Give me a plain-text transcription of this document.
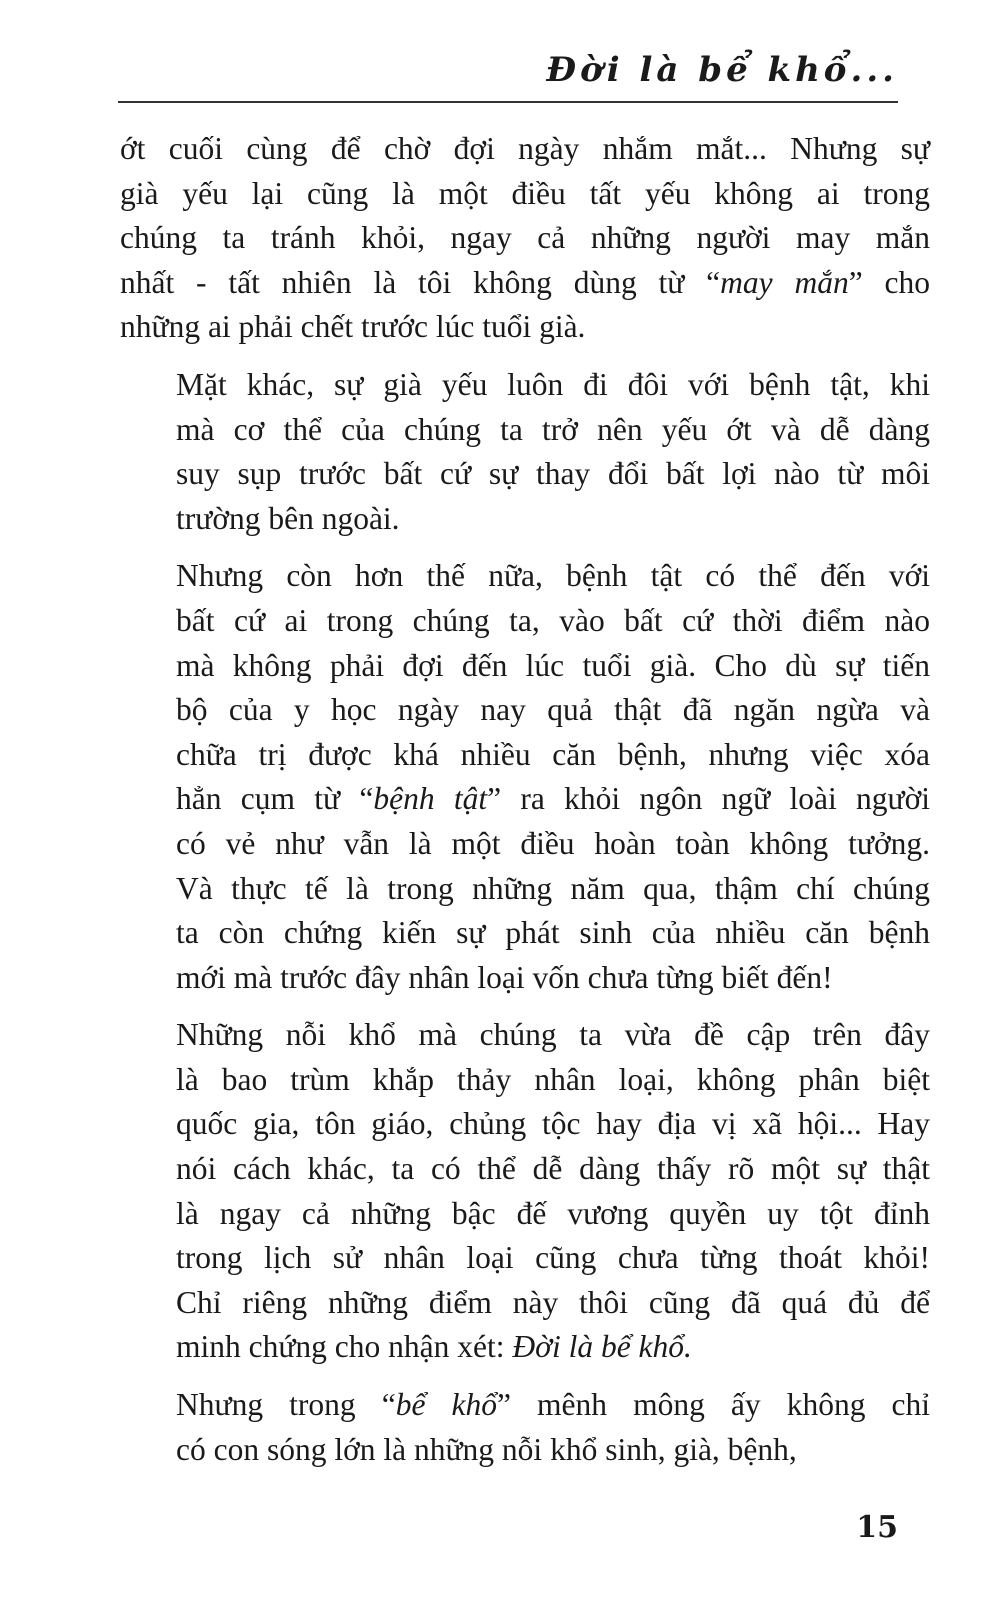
Đời là bể khổ...

ớt cuối cùng để chờ đợi ngày nhắm mắt... Nhưng sự
già yếu lại cũng là một điều tất yếu không ai trong
chúng ta tránh khỏi, ngay cả những người may mắn
nhất - tất nhiên là tôi không dùng từ “may mắn” cho
những ai phải chết trước lúc tuổi già.

Mặt khác, sự già yếu luôn đi đôi với bệnh tật, khi
mà cơ thể của chúng ta trở nên yếu ớt và dễ dàng
suy sụp trước bất cứ sự thay đổi bất lợi nào từ môi
trường bên ngoài.

Nhưng còn hơn thế nữa, bệnh tật có thể đến với
bất cứ ai trong chúng ta, vào bất cứ thời điểm nào
mà không phải đợi đến lúc tuổi già. Cho dù sự tiến
bộ của y học ngày nay quả thật đã ngăn ngừa và
chữa trị được khá nhiều căn bệnh, nhưng việc xóa
hẳn cụm từ “bệnh tật” ra khỏi ngôn ngữ loài người
có vẻ như vẫn là một điều hoàn toàn không tưởng.
Và thực tế là trong những năm qua, thậm chí chúng
ta còn chứng kiến sự phát sinh của nhiều căn bệnh
mới mà trước đây nhân loại vốn chưa từng biết đến!

Những nỗi khổ mà chúng ta vừa đề cập trên đây
là bao trùm khắp thảy nhân loại, không phân biệt
quốc gia, tôn giáo, chủng tộc hay địa vị xã hội... Hay
nói cách khác, ta có thể dễ dàng thấy rõ một sự thật
là ngay cả những bậc đế vương quyền uy tột đỉnh
trong lịch sử nhân loại cũng chưa từng thoát khỏi!
Chỉ riêng những điểm này thôi cũng đã quá đủ để
minh chứng cho nhận xét: Đời là bể khổ.

Nhưng trong “bể khổ” mênh mông ấy không chỉ
có con sóng lớn là những nỗi khổ sinh, già, bệnh,

15
